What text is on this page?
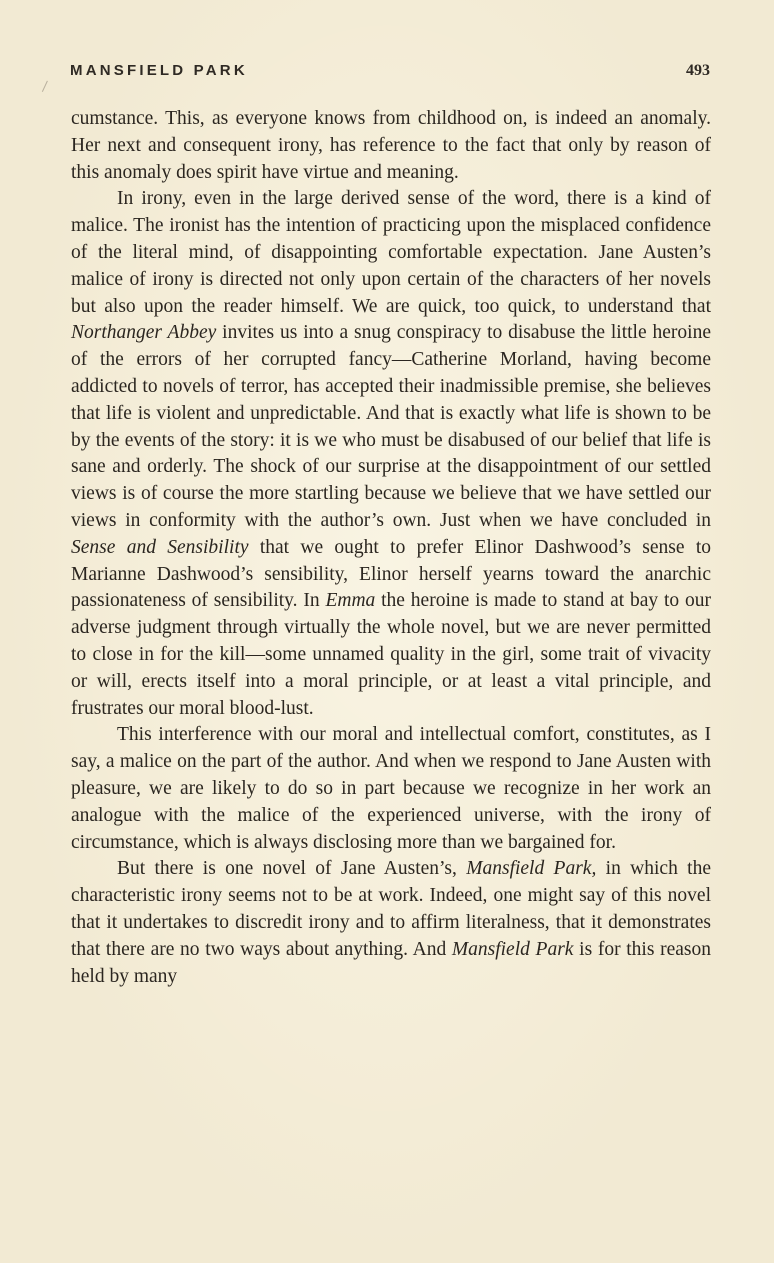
MANSFIELD PARK	493

cumstance. This, as everyone knows from childhood on, is indeed an anomaly. Her next and consequent irony, has reference to the fact that only by reason of this anomaly does spirit have virtue and meaning.

In irony, even in the large derived sense of the word, there is a kind of malice. The ironist has the intention of practicing upon the misplaced confidence of the literal mind, of disappointing comfortable expectation. Jane Austen’s malice of irony is directed not only upon certain of the characters of her novels but also upon the reader himself. We are quick, too quick, to understand that Northanger Abbey invites us into a snug conspiracy to disabuse the little heroine of the errors of her corrupted fancy—Catherine Morland, having become addicted to novels of terror, has accepted their inadmissible premise, she believes that life is violent and unpredictable. And that is exactly what life is shown to be by the events of the story: it is we who must be disabused of our belief that life is sane and orderly. The shock of our surprise at the disappointment of our settled views is of course the more startling because we believe that we have settled our views in conformity with the author’s own. Just when we have concluded in Sense and Sensibility that we ought to prefer Elinor Dashwood’s sense to Marianne Dashwood’s sensibility, Elinor herself yearns toward the anarchic passionateness of sensibility. In Emma the heroine is made to stand at bay to our adverse judgment through virtually the whole novel, but we are never permitted to close in for the kill—some unnamed quality in the girl, some trait of vivacity or will, erects itself into a moral principle, or at least a vital principle, and frustrates our moral blood-lust.

This interference with our moral and intellectual comfort, constitutes, as I say, a malice on the part of the author. And when we respond to Jane Austen with pleasure, we are likely to do so in part because we recognize in her work an analogue with the malice of the experienced universe, with the irony of circumstance, which is always disclosing more than we bargained for.

But there is one novel of Jane Austen’s, Mansfield Park, in which the characteristic irony seems not to be at work. Indeed, one might say of this novel that it undertakes to discredit irony and to affirm literalness, that it demonstrates that there are no two ways about anything. And Mansfield Park is for this reason held by many
